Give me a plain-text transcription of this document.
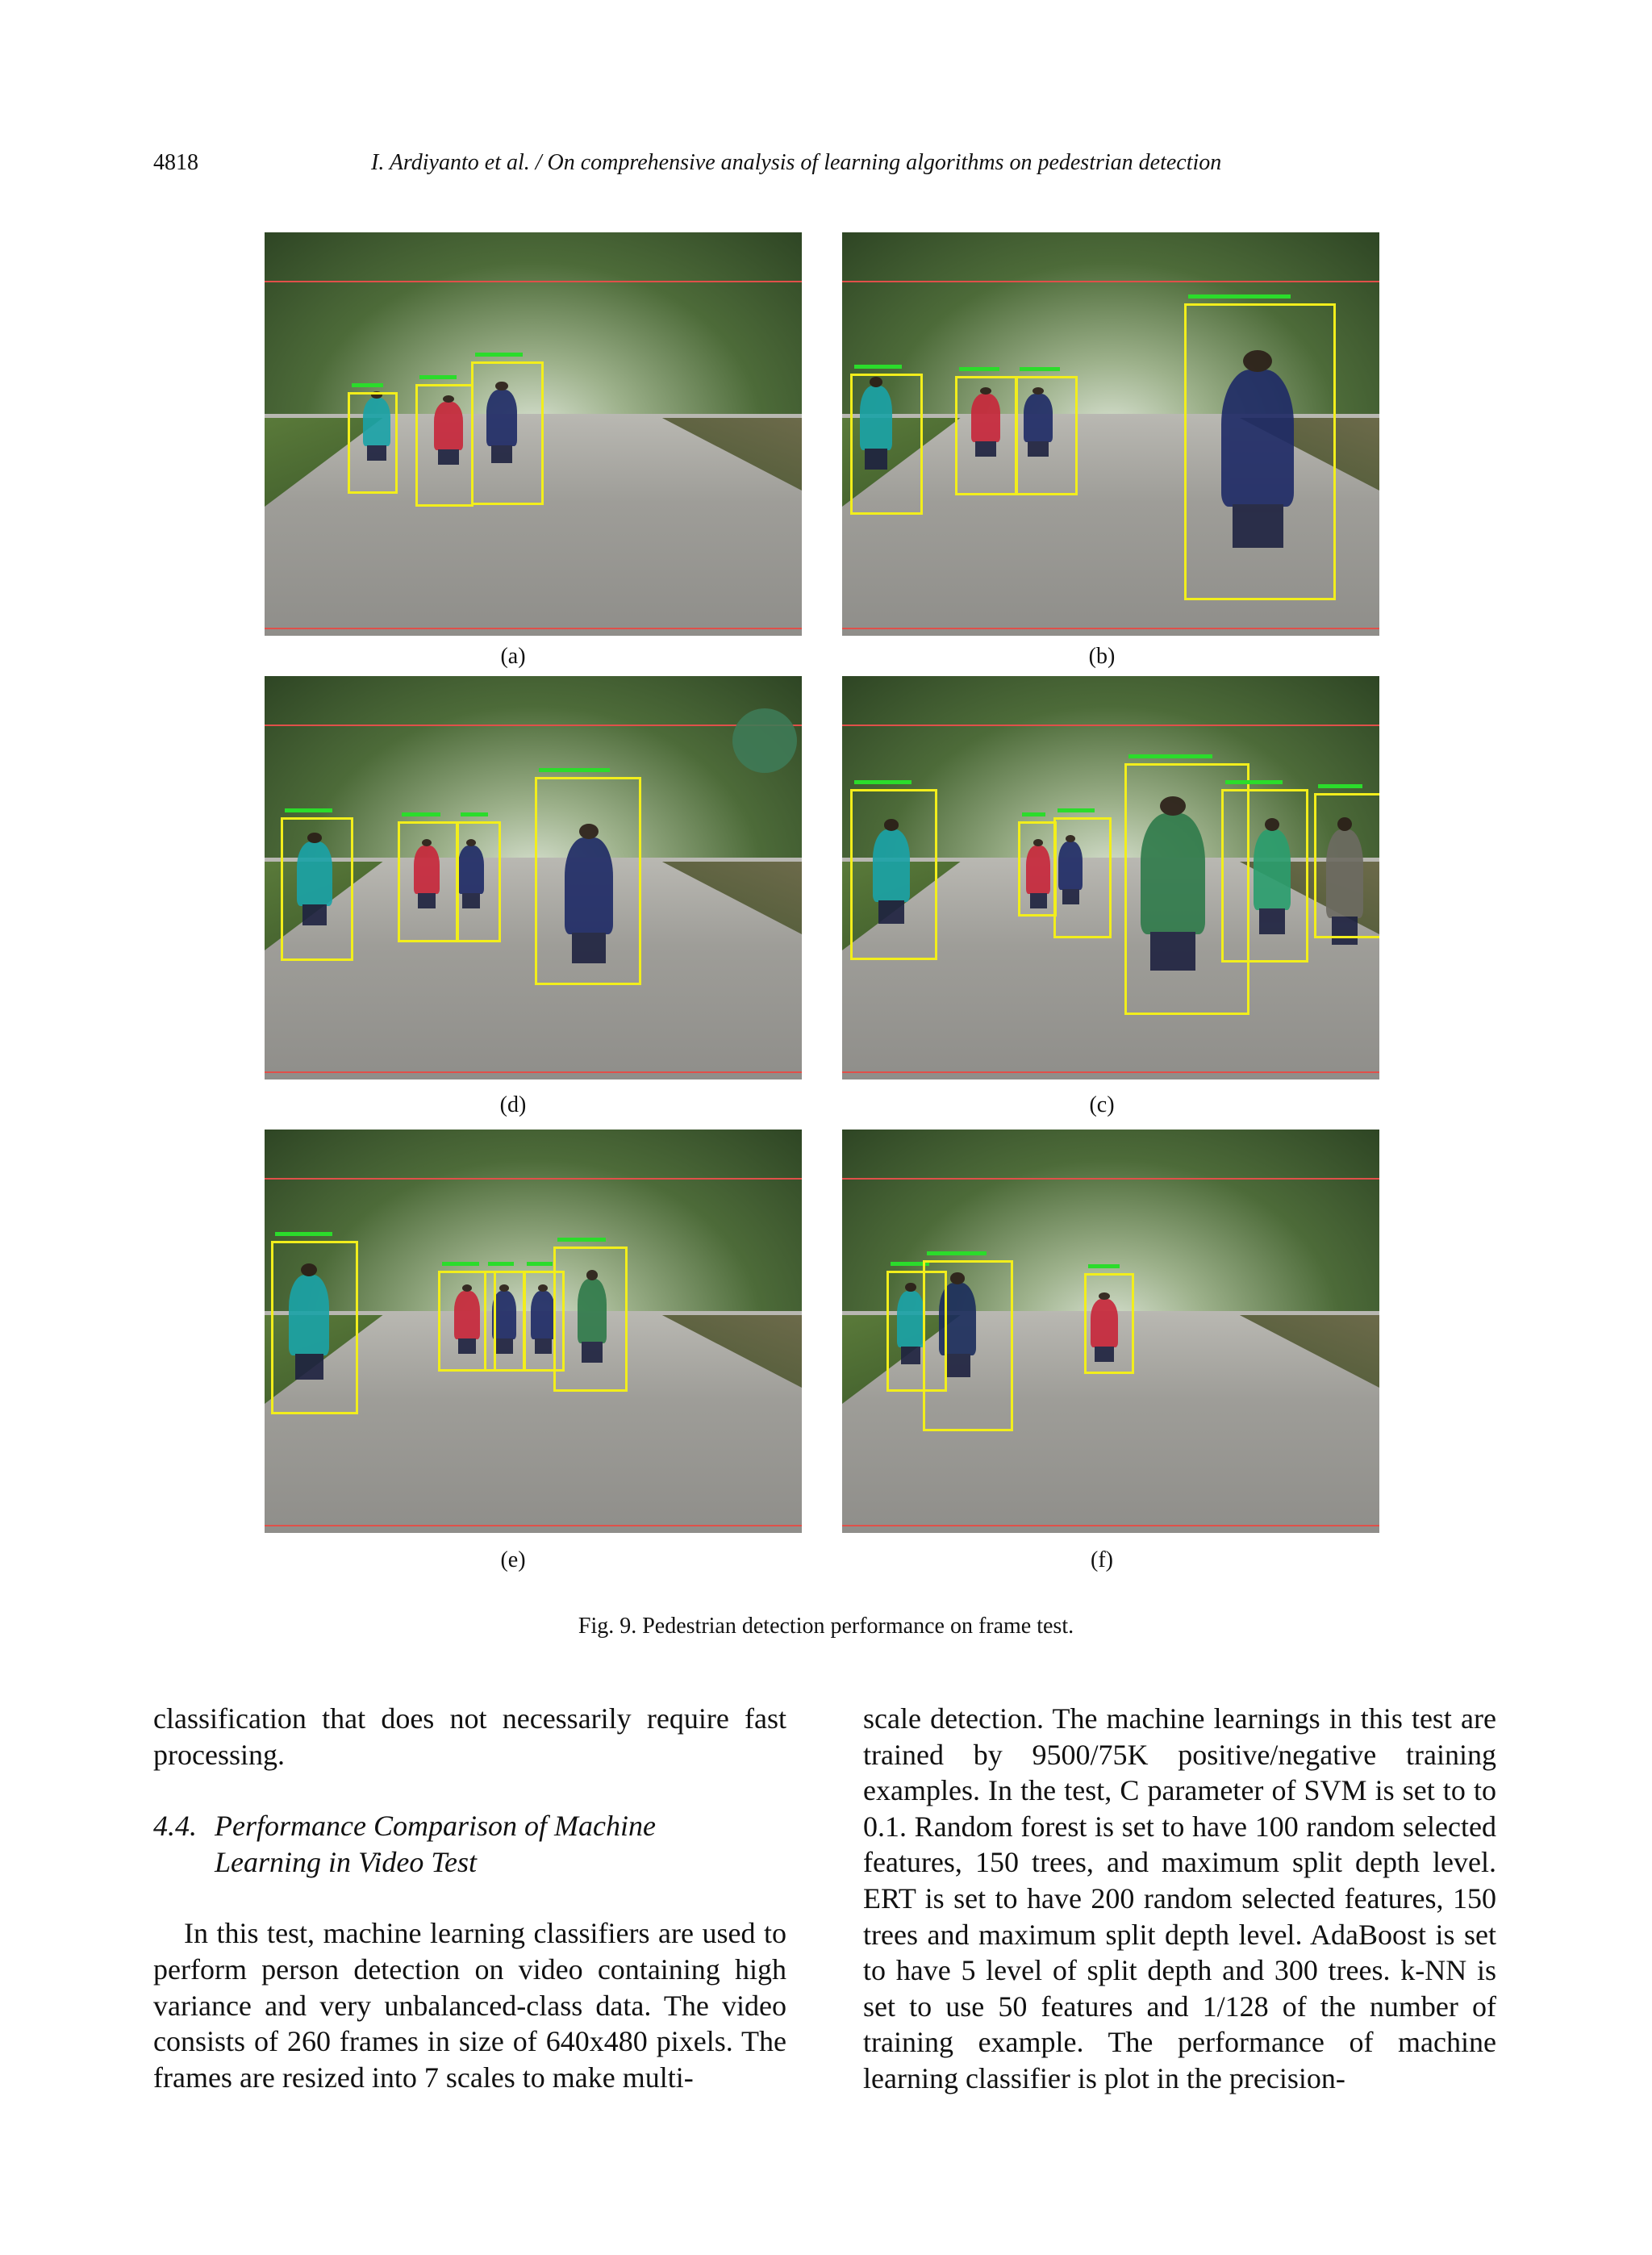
4818	I. Ardiyanto et al. / On comprehensive analysis of learning algorithms on pedestrian detection
(a)	(b)
(d)	(c)
(e)	(f)
Fig. 9. Pedestrian detection performance on frame test.

classification that does not necessarily require fast processing.

4.4. Performance Comparison of Machine
Learning in Video Test

In this test, machine learning classifiers are used to perform person detection on video containing high variance and very unbalanced-class data. The video consists of 260 frames in size of 640x480 pixels. The frames are resized into 7 scales to make multi-

scale detection. The machine learnings in this test are trained by 9500/75K positive/negative training examples. In the test, C parameter of SVM is set to to 0.1. Random forest is set to have 100 random selected features, 150 trees, and maximum split depth level. ERT is set to have 200 random selected features, 150 trees and maximum split depth level. AdaBoost is set to have 5 level of split depth and 300 trees. k-NN is set to use 50 features and 1/128 of the number of training example. The performance of machine learning classifier is plot in the precision-
